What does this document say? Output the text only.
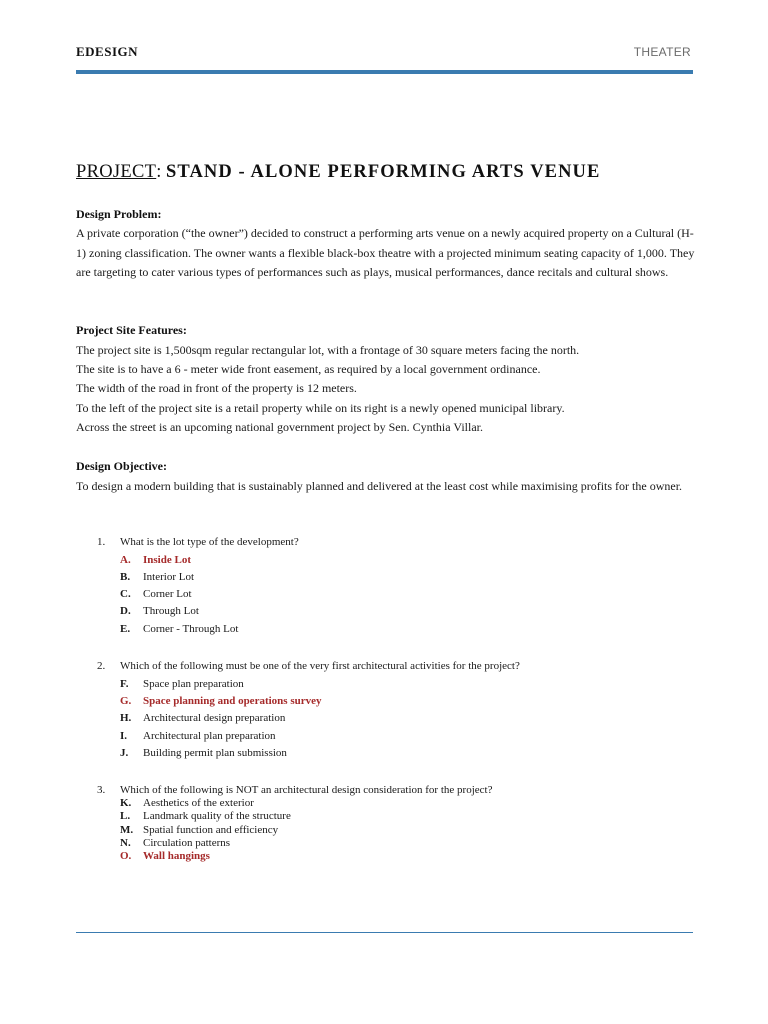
EDESIGN	THEATER
PROJECT: STAND - ALONE PERFORMING ARTS VENUE
Design Problem:
A private corporation (“the owner”) decided to construct a performing arts venue on a newly acquired property on a Cultural (H-1) zoning classification. The owner wants a flexible black-box theatre with a projected minimum seating capacity of 1,000. They are targeting to cater various types of performances such as plays, musical performances, dance recitals and cultural shows.
Project Site Features:
The project site is 1,500sqm regular rectangular lot, with a frontage of 30 square meters facing the north.
The site is to have a 6 - meter wide front easement, as required by a local government ordinance.
The width of the road in front of the property is 12 meters.
To the left of the project site is a retail property while on its right is a newly opened municipal library.
Across the street is an upcoming national government project by Sen. Cynthia Villar.
Design Objective:
To design a modern building that is sustainably planned and delivered at the least cost while maximising profits for the owner.
1. What is the lot type of the development?
A. Inside Lot
B. Interior Lot
C. Corner Lot
D. Through Lot
E. Corner - Through Lot
2. Which of the following must be one of the very first architectural activities for the project?
F. Space plan preparation
G. Space planning and operations survey
H. Architectural design preparation
I. Architectural plan preparation
J. Building permit plan submission
3. Which of the following is NOT an architectural design consideration for the project?
K. Aesthetics of the exterior
L. Landmark quality of the structure
M. Spatial function and efficiency
N. Circulation patterns
O. Wall hangings
